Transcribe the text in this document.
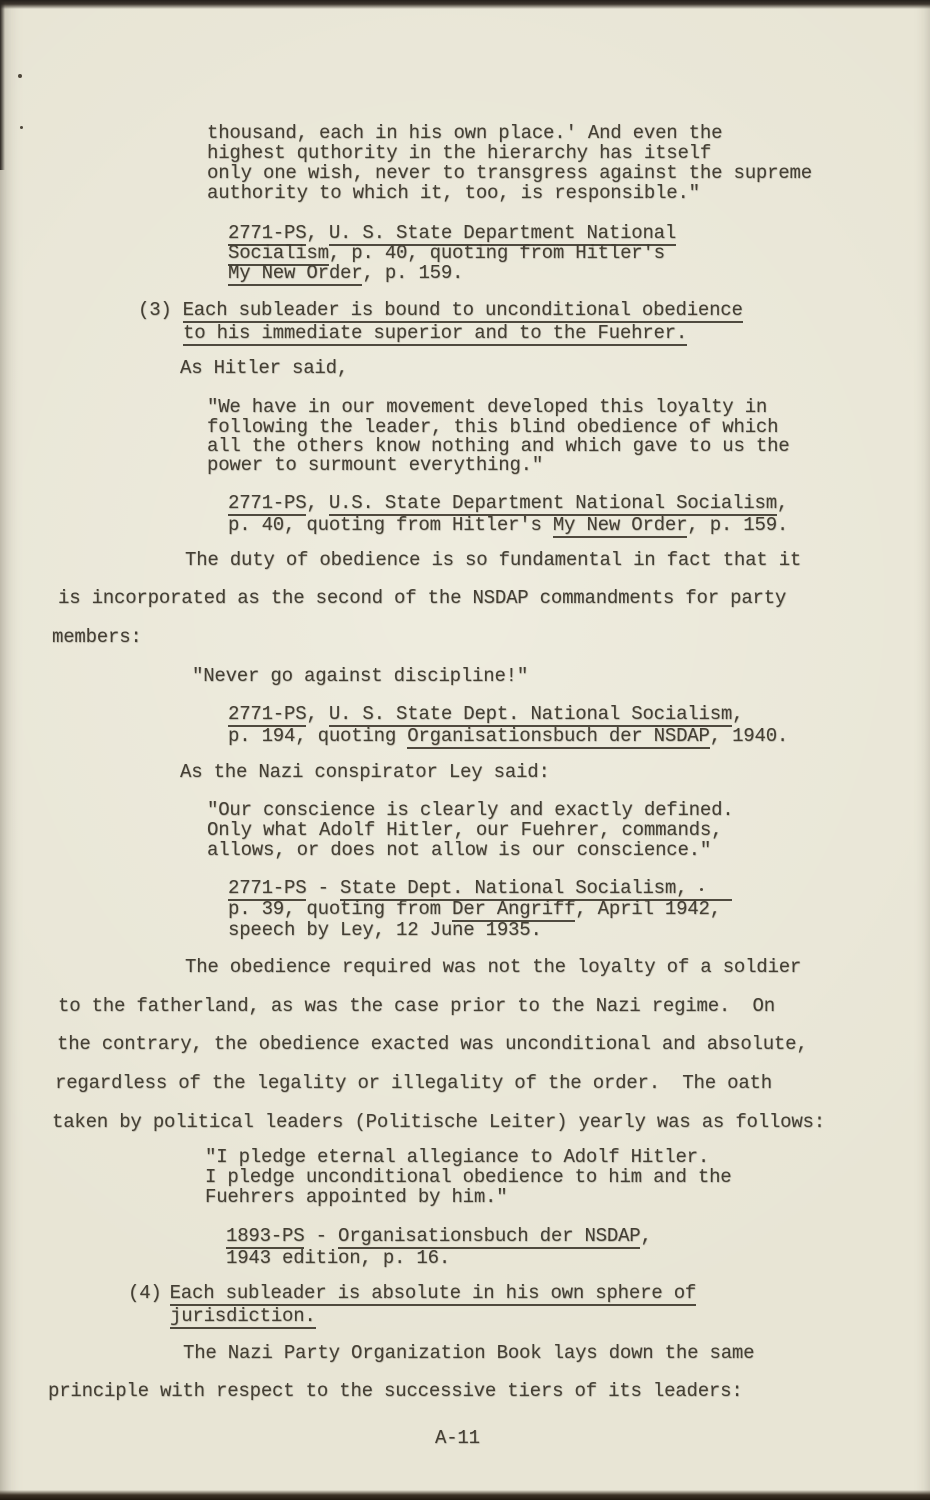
thousand, each in his own place.' And even the
highest quthority in the hierarchy has itself
only one wish, never to transgress against the supreme
authority to which it, too, is responsible."
2771-PS, U. S. State Department National
Socialism, p. 40, quoting from Hitler's
My New Order, p. 159.
(3) Each subleader is bound to unconditional obedience
to his immediate superior and to the Fuehrer.
As Hitler said,
"We have in our movement developed this loyalty in
following the leader, this blind obedience of which
all the others know nothing and which gave to us the
power to surmount everything."
2771-PS, U.S. State Department National Socialism,
p. 40, quoting from Hitler's My New Order, p. 159.
The duty of obedience is so fundamental in fact that it
is incorporated as the second of the NSDAP commandments for party
members:
"Never go against discipline!"
2771-PS, U. S. State Dept. National Socialism,
p. 194, quoting Organisationsbuch der NSDAP, 1940.
As the Nazi conspirator Ley said:
"Our conscience is clearly and exactly defined.
Only what Adolf Hitler, our Fuehrer, commands,
allows, or does not allow is our conscience."
2771-PS - State Dept. National Socialism,
p. 39, quoting from Der Angriff, April 1942,
speech by Ley, 12 June 1935.
The obedience required was not the loyalty of a soldier
to the fatherland, as was the case prior to the Nazi regime.  On
the contrary, the obedience exacted was unconditional and absolute,
regardless of the legality or illegality of the order.  The oath
taken by political leaders (Politische Leiter) yearly was as follows:
"I pledge eternal allegiance to Adolf Hitler.
I pledge unconditional obedience to him and the
Fuehrers appointed by him."
1893-PS - Organisationsbuch der NSDAP,
1943 edition, p. 16.
(4) Each subleader is absolute in his own sphere of
jurisdiction.
The Nazi Party Organization Book lays down the same
principle with respect to the successive tiers of its leaders:
A-11
